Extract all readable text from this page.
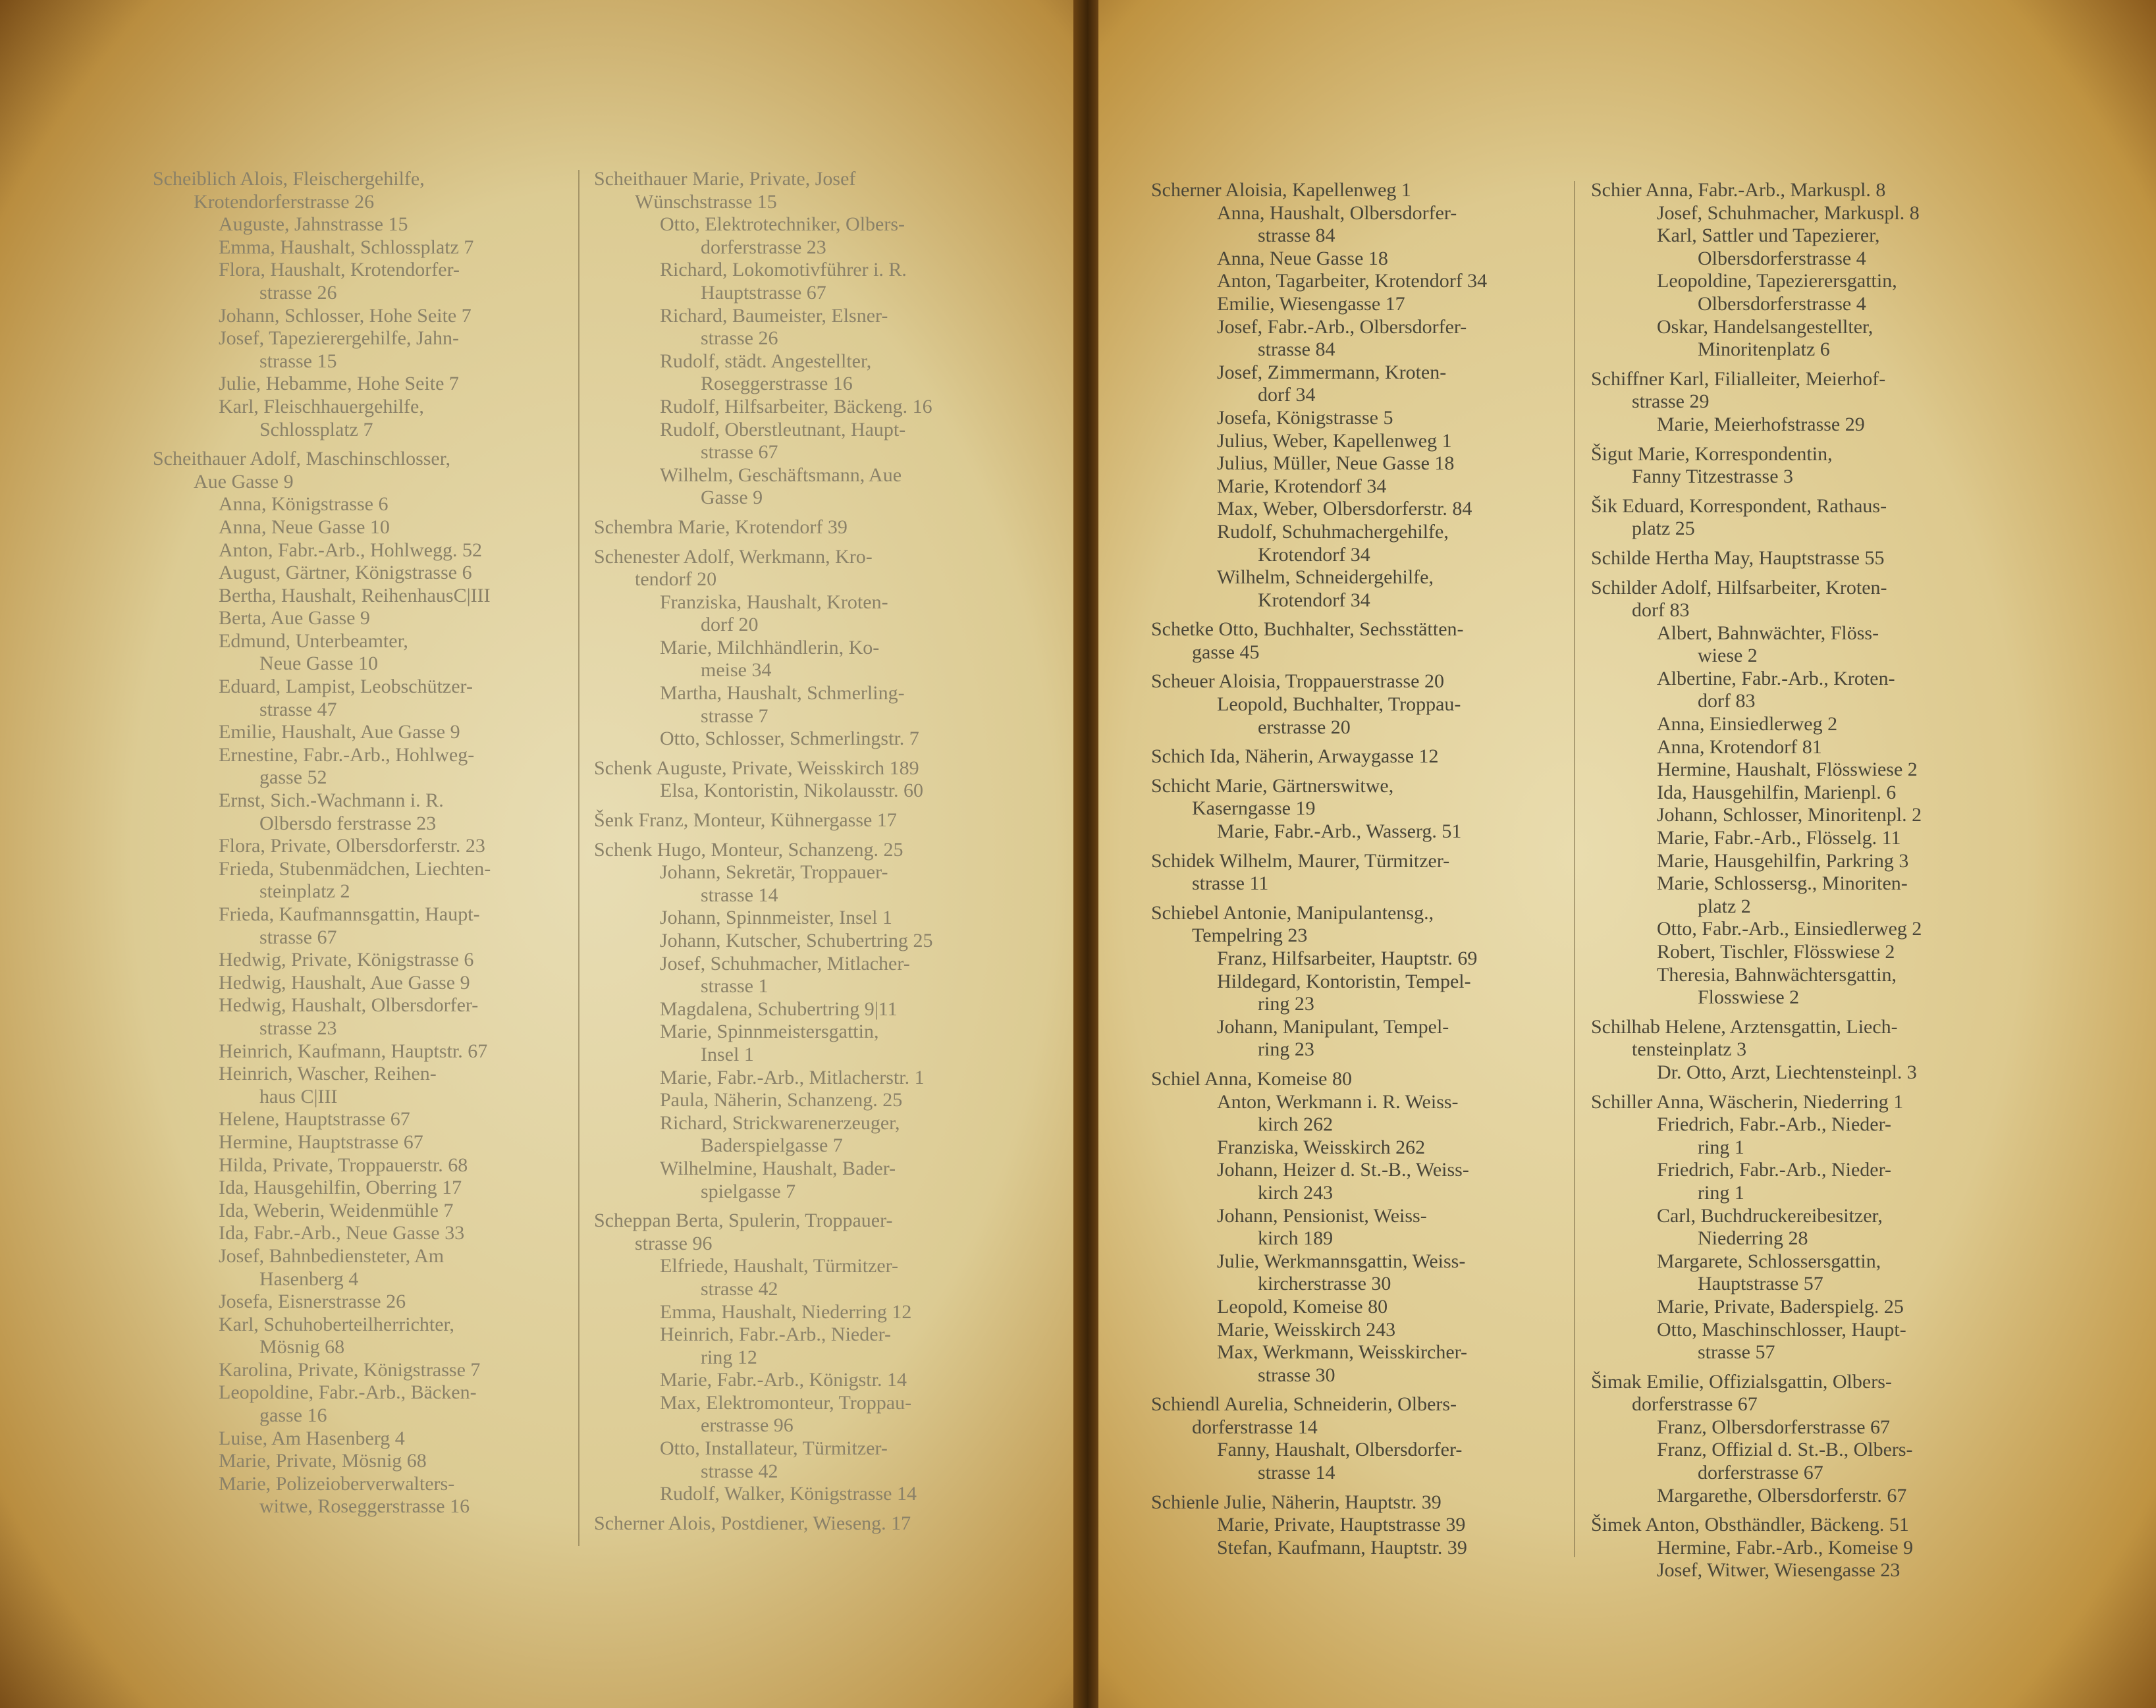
Scheiblich Alois, Fleischergehilfe,
Krotendorferstrasse 26

Auguste, Jahnstrasse 15

Emma, Haushalt, Schlossplatz 7

Flora, Haushalt, Krotendorfer-
strasse 26

Johann, Schlosser, Hohe Seite 7

Josef, Tapezierergehilfe, Jahn-
strasse 15

Julie, Hebamme, Hohe Seite 7

Karl, Fleischhauergehilfe,
Schlossplatz 7

Scheithauer Adolf, Maschinschlosser,
Aue Gasse 9

Anna, Königstrasse 6

Anna, Neue Gasse 10

Anton, Fabr.-Arb., Hohlwegg. 52

August, Gärtner, Königstrasse 6

Bertha, Haushalt, ReihenhausC|III

Berta, Aue Gasse 9

Edmund, Unterbeamter,
Neue Gasse 10

Eduard, Lampist, Leobschützer-
strasse 47

Emilie, Haushalt, Aue Gasse 9

Ernestine, Fabr.-Arb., Hohlweg-
gasse 52

Ernst, Sich.-Wachmann i. R.
Olbersdo ferstrasse 23

Flora, Private, Olbersdorferstr. 23

Frieda, Stubenmädchen, Liechten-
steinplatz 2

Frieda, Kaufmannsgattin, Haupt-
strasse 67

Hedwig, Private, Königstrasse 6

Hedwig, Haushalt, Aue Gasse 9

Hedwig, Haushalt, Olbersdorfer-
strasse 23

Heinrich, Kaufmann, Hauptstr. 67

Heinrich, Wascher, Reihen-
haus C|III

Helene, Hauptstrasse 67

Hermine, Hauptstrasse 67

Hilda, Private, Troppauerstr. 68

Ida, Hausgehilfin, Oberring 17

Ida, Weberin, Weidenmühle 7

Ida, Fabr.-Arb., Neue Gasse 33

Josef, Bahnbediensteter, Am
Hasenberg 4

Josefa, Eisnerstrasse 26

Karl, Schuhoberteilherrichter,
Mösnig 68

Karolina, Private, Königstrasse 7

Leopoldine, Fabr.-Arb., Bäcken-
gasse 16

Luise, Am Hasenberg 4

Marie, Private, Mösnig 68

Marie, Polizeioberverwalters-
witwe, Roseggerstrasse 16

Scheithauer Marie, Private, Josef
Wünschstrasse 15

Otto, Elektrotechniker, Olbers-
dorferstrasse 23

Richard, Lokomotivführer i. R.
Hauptstrasse 67

Richard, Baumeister, Elsner-
strasse 26

Rudolf, städt. Angestellter,
Roseggerstrasse 16

Rudolf, Hilfsarbeiter, Bäckeng. 16

Rudolf, Oberstleutnant, Haupt-
strasse 67

Wilhelm, Geschäftsmann, Aue
Gasse 9

Schembra Marie, Krotendorf 39

Schenester Adolf, Werkmann, Kro-
tendorf 20

Franziska, Haushalt, Kroten-
dorf 20

Marie, Milchhändlerin, Ko-
meise 34

Martha, Haushalt, Schmerling-
strasse 7

Otto, Schlosser, Schmerlingstr. 7

Schenk Auguste, Private, Weisskirch 189

Elsa, Kontoristin, Nikolausstr. 60

Šenk Franz, Monteur, Kühnergasse 17

Schenk Hugo, Monteur, Schanzeng. 25

Johann, Sekretär, Troppauer-
strasse 14

Johann, Spinnmeister, Insel 1

Johann, Kutscher, Schubertring 25

Josef, Schuhmacher, Mitlacher-
strasse 1

Magdalena, Schubertring 9|11

Marie, Spinnmeistersgattin,
Insel 1

Marie, Fabr.-Arb., Mitlacherstr. 1

Paula, Näherin, Schanzeng. 25

Richard, Strickwarenerzeuger,
Baderspielgasse 7

Wilhelmine, Haushalt, Bader-
spielgasse 7

Scheppan Berta, Spulerin, Troppauer-
strasse 96

Elfriede, Haushalt, Türmitzer-
strasse 42

Emma, Haushalt, Niederring 12

Heinrich, Fabr.-Arb., Nieder-
ring 12

Marie, Fabr.-Arb., Königstr. 14

Max, Elektromonteur, Troppau-
erstrasse 96

Otto, Installateur, Türmitzer-
strasse 42

Rudolf, Walker, Königstrasse 14

Scherner Alois, Postdiener, Wieseng. 17

Scherner Aloisia, Kapellenweg 1

Anna, Haushalt, Olbersdorfer-
strasse 84

Anna, Neue Gasse 18

Anton, Tagarbeiter, Krotendorf 34

Emilie, Wiesengasse 17

Josef, Fabr.-Arb., Olbersdorfer-
strasse 84

Josef, Zimmermann, Kroten-
dorf 34

Josefa, Königstrasse 5

Julius, Weber, Kapellenweg 1

Julius, Müller, Neue Gasse 18

Marie, Krotendorf 34

Max, Weber, Olbersdorferstr. 84

Rudolf, Schuhmachergehilfe,
Krotendorf 34

Wilhelm, Schneidergehilfe,
Krotendorf 34

Schetke Otto, Buchhalter, Sechsstätten-
gasse 45

Scheuer Aloisia, Troppauerstrasse 20

Leopold, Buchhalter, Troppau-
erstrasse 20

Schich Ida, Näherin, Arwaygasse 12

Schicht Marie, Gärtnerswitwe,
Kaserngasse 19

Marie, Fabr.-Arb., Wasserg. 51

Schidek Wilhelm, Maurer, Türmitzer-
strasse 11

Schiebel Antonie, Manipulantensg.,
Tempelring 23

Franz, Hilfsarbeiter, Hauptstr. 69

Hildegard, Kontoristin, Tempel-
ring 23

Johann, Manipulant, Tempel-
ring 23

Schiel Anna, Komeise 80

Anton, Werkmann i. R. Weiss-
kirch 262

Franziska, Weisskirch 262

Johann, Heizer d. St.-B., Weiss-
kirch 243

Johann, Pensionist, Weiss-
kirch 189

Julie, Werkmannsgattin, Weiss-
kircherstrasse 30

Leopold, Komeise 80

Marie, Weisskirch 243

Max, Werkmann, Weisskircher-
strasse 30

Schiendl Aurelia, Schneiderin, Olbers-
dorferstrasse 14

Fanny, Haushalt, Olbersdorfer-
strasse 14

Schienle Julie, Näherin, Hauptstr. 39

Marie, Private, Hauptstrasse 39

Stefan, Kaufmann, Hauptstr. 39

Schier Anna, Fabr.-Arb., Markuspl. 8

Josef, Schuhmacher, Markuspl. 8

Karl, Sattler und Tapezierer,
Olbersdorferstrasse 4

Leopoldine, Tapezierersgattin,
Olbersdorferstrasse 4

Oskar, Handelsangestellter,
Minoritenplatz 6

Schiffner Karl, Filialleiter, Meierhof-
strasse 29

Marie, Meierhofstrasse 29

Šigut Marie, Korrespondentin,
Fanny Titzestrasse 3

Šik Eduard, Korrespondent, Rathaus-
platz 25

Schilde Hertha May, Hauptstrasse 55

Schilder Adolf, Hilfsarbeiter, Kroten-
dorf 83

Albert, Bahnwächter, Flöss-
wiese 2

Albertine, Fabr.-Arb., Kroten-
dorf 83

Anna, Einsiedlerweg 2

Anna, Krotendorf 81

Hermine, Haushalt, Flösswiese 2

Ida, Hausgehilfin, Marienpl. 6

Johann, Schlosser, Minoritenpl. 2

Marie, Fabr.-Arb., Flösselg. 11

Marie, Hausgehilfin, Parkring 3

Marie, Schlossersg., Minoriten-
platz 2

Otto, Fabr.-Arb., Einsiedlerweg 2

Robert, Tischler, Flösswiese 2

Theresia, Bahnwächtersgattin,
Flosswiese 2

Schilhab Helene, Arztensgattin, Liech-
tensteinplatz 3

Dr. Otto, Arzt, Liechtensteinpl. 3

Schiller Anna, Wäscherin, Niederring 1

Friedrich, Fabr.-Arb., Nieder-
ring 1

Friedrich, Fabr.-Arb., Nieder-
ring 1

Carl, Buchdruckereibesitzer,
Niederring 28

Margarete, Schlossersgattin,
Hauptstrasse 57

Marie, Private, Baderspielg. 25

Otto, Maschinschlosser, Haupt-
strasse 57

Šimak Emilie, Offizialsgattin, Olbers-
dorferstrasse 67

Franz, Olbersdorferstrasse 67

Franz, Offizial d. St.-B., Olbers-
dorferstrasse 67

Margarethe, Olbersdorferstr. 67

Šimek Anton, Obsthändler, Bäckeng. 51

Hermine, Fabr.-Arb., Komeise 9

Josef, Witwer, Wiesengasse 23
